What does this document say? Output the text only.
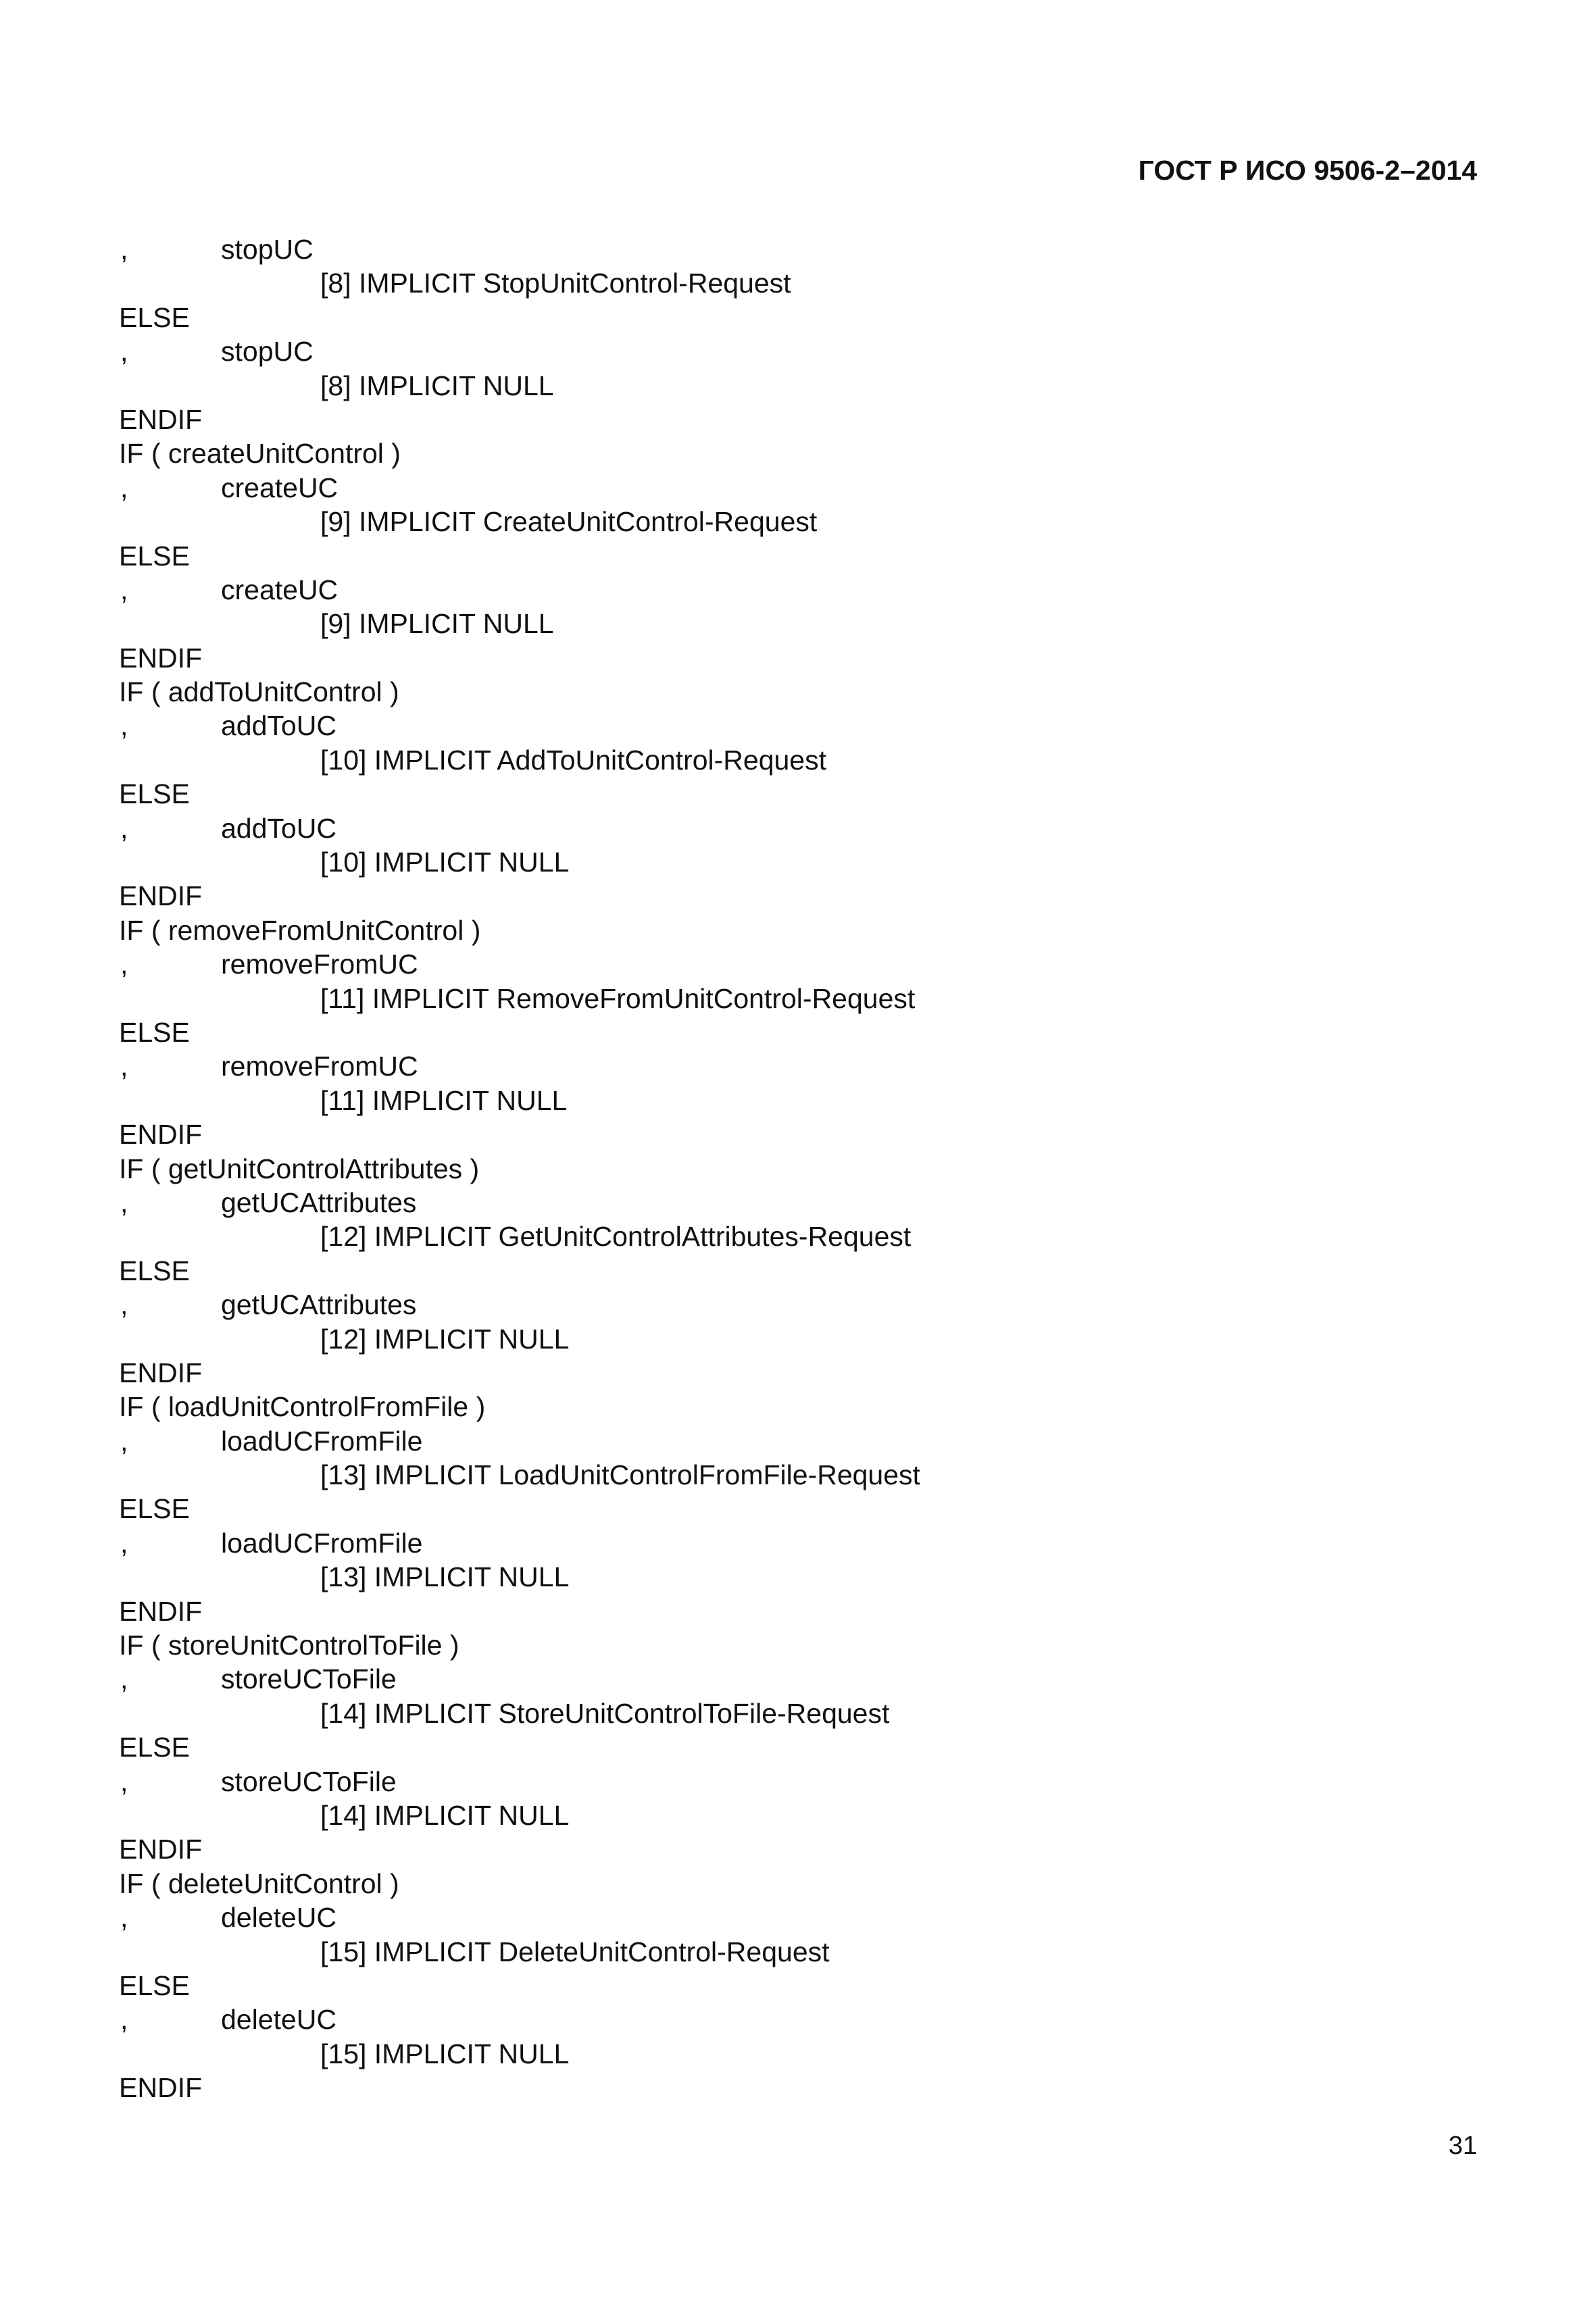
ГОСТ Р ИСО 9506-2–2014
,	stopUC
[8] IMPLICIT StopUnitControl-Request
ELSE
,	stopUC
[8] IMPLICIT NULL
ENDIF
IF ( createUnitControl )
,	createUC
[9] IMPLICIT CreateUnitControl-Request
ELSE
,	createUC
[9] IMPLICIT NULL
ENDIF
IF ( addToUnitControl )
,	addToUC
[10] IMPLICIT AddToUnitControl-Request
ELSE
,	addToUC
[10] IMPLICIT NULL
ENDIF
IF ( removeFromUnitControl )
,	removeFromUC
[11] IMPLICIT RemoveFromUnitControl-Request
ELSE
,	removeFromUC
[11] IMPLICIT NULL
ENDIF
IF ( getUnitControlAttributes )
,	getUCAttributes
[12] IMPLICIT GetUnitControlAttributes-Request
ELSE
,	getUCAttributes
[12] IMPLICIT NULL
ENDIF
IF ( loadUnitControlFromFile )
,	loadUCFromFile
[13] IMPLICIT LoadUnitControlFromFile-Request
ELSE
,	loadUCFromFile
[13] IMPLICIT NULL
ENDIF
IF ( storeUnitControlToFile )
,	storeUCToFile
[14] IMPLICIT StoreUnitControlToFile-Request
ELSE
,	storeUCToFile
[14] IMPLICIT NULL
ENDIF
IF ( deleteUnitControl )
,	deleteUC
[15] IMPLICIT DeleteUnitControl-Request
ELSE
,	deleteUC
[15] IMPLICIT NULL
ENDIF
31
